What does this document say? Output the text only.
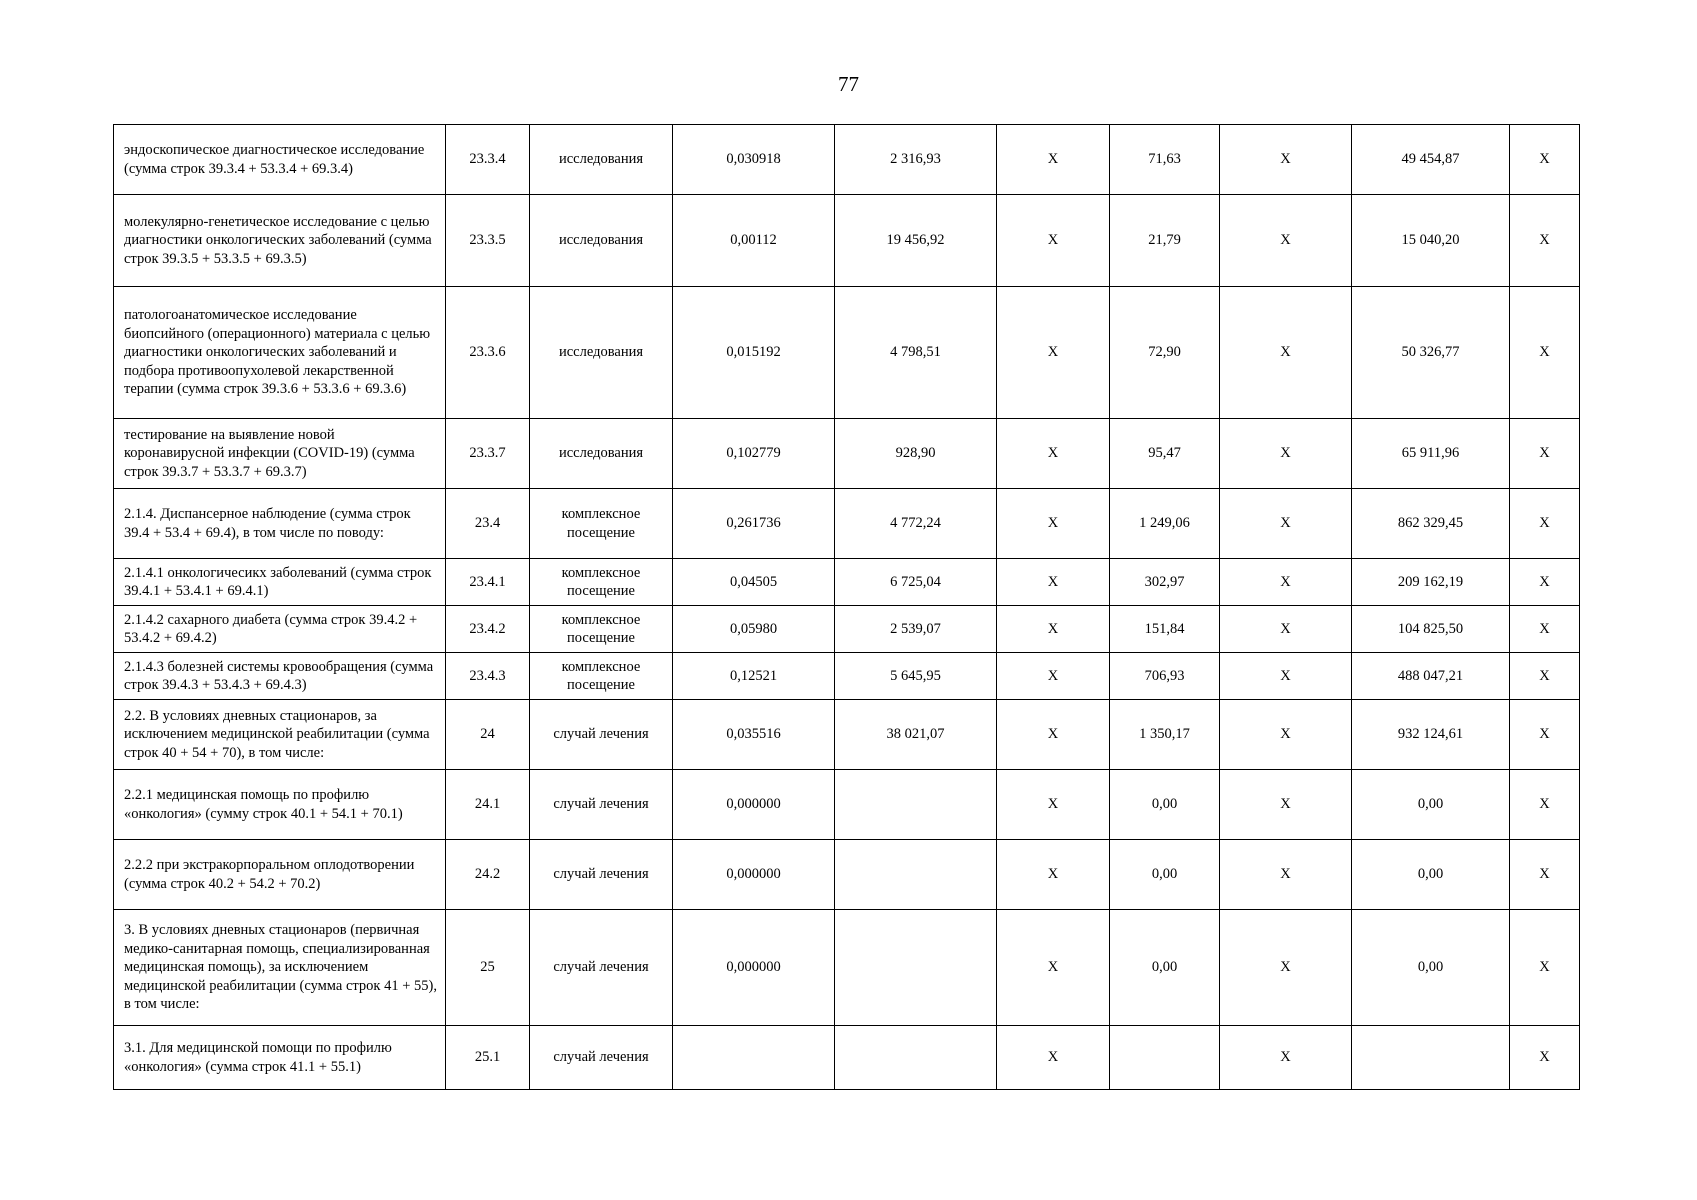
77
эндоскопическое диагностическое исследование (сумма строк 39.3.4 + 53.3.4 + 69.3.4)	23.3.4	исследования	0,030918	2 316,93	X	71,63	X	49 454,87	X
молекулярно-генетическое исследование с целью диагностики онкологических заболеваний (сумма строк 39.3.5 + 53.3.5 + 69.3.5)	23.3.5	исследования	0,00112	19 456,92	X	21,79	X	15 040,20	X
патологоанатомическое исследование биопсийного (операционного) материала с целью диагностики онкологических заболеваний и подбора противоопухолевой лекарственной терапии (сумма строк 39.3.6 + 53.3.6 + 69.3.6)	23.3.6	исследования	0,015192	4 798,51	X	72,90	X	50 326,77	X
тестирование на выявление новой коронавирусной инфекции (COVID-19) (сумма строк 39.3.7 + 53.3.7 + 69.3.7)	23.3.7	исследования	0,102779	928,90	X	95,47	X	65 911,96	X
2.1.4. Диспансерное наблюдение (сумма строк 39.4 + 53.4 + 69.4), в том числе по поводу:	23.4	комплексное посещение	0,261736	4 772,24	X	1 249,06	X	862 329,45	X
2.1.4.1 онкологичесикх заболеваний (сумма строк 39.4.1 + 53.4.1 + 69.4.1)	23.4.1	комплексное посещение	0,04505	6 725,04	X	302,97	X	209 162,19	X
2.1.4.2 сахарного диабета (сумма строк 39.4.2 + 53.4.2 + 69.4.2)	23.4.2	комплексное посещение	0,05980	2 539,07	X	151,84	X	104 825,50	X
2.1.4.3 болезней системы кровообращения (сумма строк 39.4.3 + 53.4.3 + 69.4.3)	23.4.3	комплексное посещение	0,12521	5 645,95	X	706,93	X	488 047,21	X
2.2. В условиях дневных стационаров, за исключением медицинской реабилитации (сумма строк 40 + 54 + 70), в том числе:	24	случай лечения	0,035516	38 021,07	X	1 350,17	X	932 124,61	X
2.2.1 медицинская помощь по профилю «онкология» (сумму строк 40.1 + 54.1 + 70.1)	24.1	случай лечения	0,000000		X	0,00	X	0,00	X
2.2.2 при экстракорпоральном оплодотворении (сумма строк 40.2 + 54.2 + 70.2)	24.2	случай лечения	0,000000		X	0,00	X	0,00	X
3. В условиях дневных стационаров (первичная медико-санитарная помощь, специализированная медицинская помощь), за исключением медицинской реабилитации (сумма строк 41 + 55), в том числе:	25	случай лечения	0,000000		X	0,00	X	0,00	X
3.1. Для медицинской помощи по профилю «онкология» (сумма строк 41.1 + 55.1)	25.1	случай лечения			X		X		X
